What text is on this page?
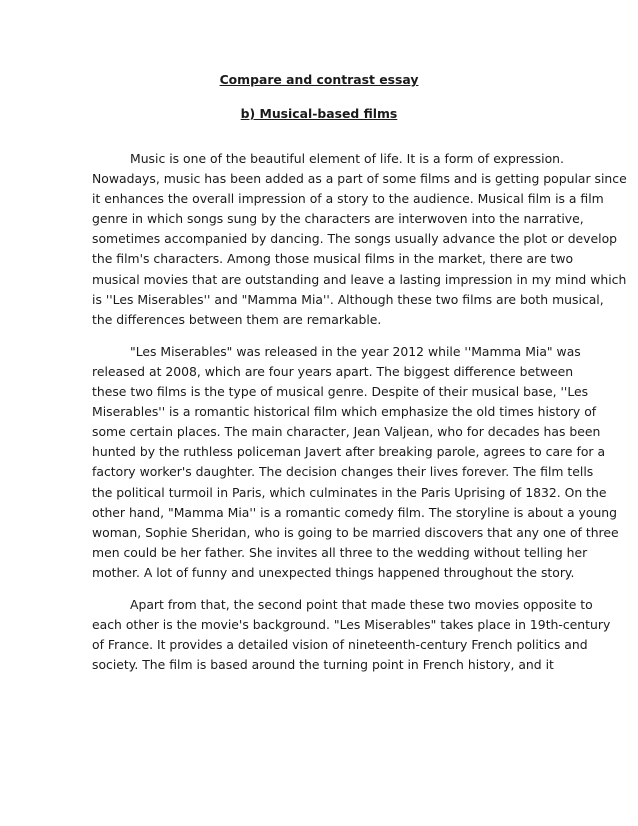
Compare and contrast essay
b) Musical-based films
Music is one of the beautiful element of life. It is a form of expression.
Nowadays, music has been added as a part of some films and is getting popular since
it enhances the overall impression of a story to the audience. Musical film is a film
genre in which songs sung by the characters are interwoven into the narrative,
sometimes accompanied by dancing. The songs usually advance the plot or develop
the film's characters. Among those musical films in the market, there are two
musical movies that are outstanding and leave a lasting impression in my mind which
is ''Les Miserables'' and "Mamma Mia''. Although these two films are both musical,
the differences between them are remarkable.
"Les Miserables" was released in the year 2012 while ''Mamma Mia" was
released at 2008, which are four years apart. The biggest difference between
these two films is the type of musical genre. Despite of their musical base, ''Les
Miserables'' is a romantic historical film which emphasize the old times history of
some certain places. The main character, Jean Valjean, who for decades has been
hunted by the ruthless policeman Javert after breaking parole, agrees to care for a
factory worker's daughter. The decision changes their lives forever. The film tells
the political turmoil in Paris, which culminates in the Paris Uprising of 1832. On the
other hand, "Mamma Mia'' is a romantic comedy film. The storyline is about a young
woman, Sophie Sheridan, who is going to be married discovers that any one of three
men could be her father. She invites all three to the wedding without telling her
mother. A lot of funny and unexpected things happened throughout the story.
Apart from that, the second point that made these two movies opposite to
each other is the movie's background. "Les Miserables" takes place in 19th-century
of France. It provides a detailed vision of nineteenth-century French politics and
society. The film is based around the turning point in French history, and it
